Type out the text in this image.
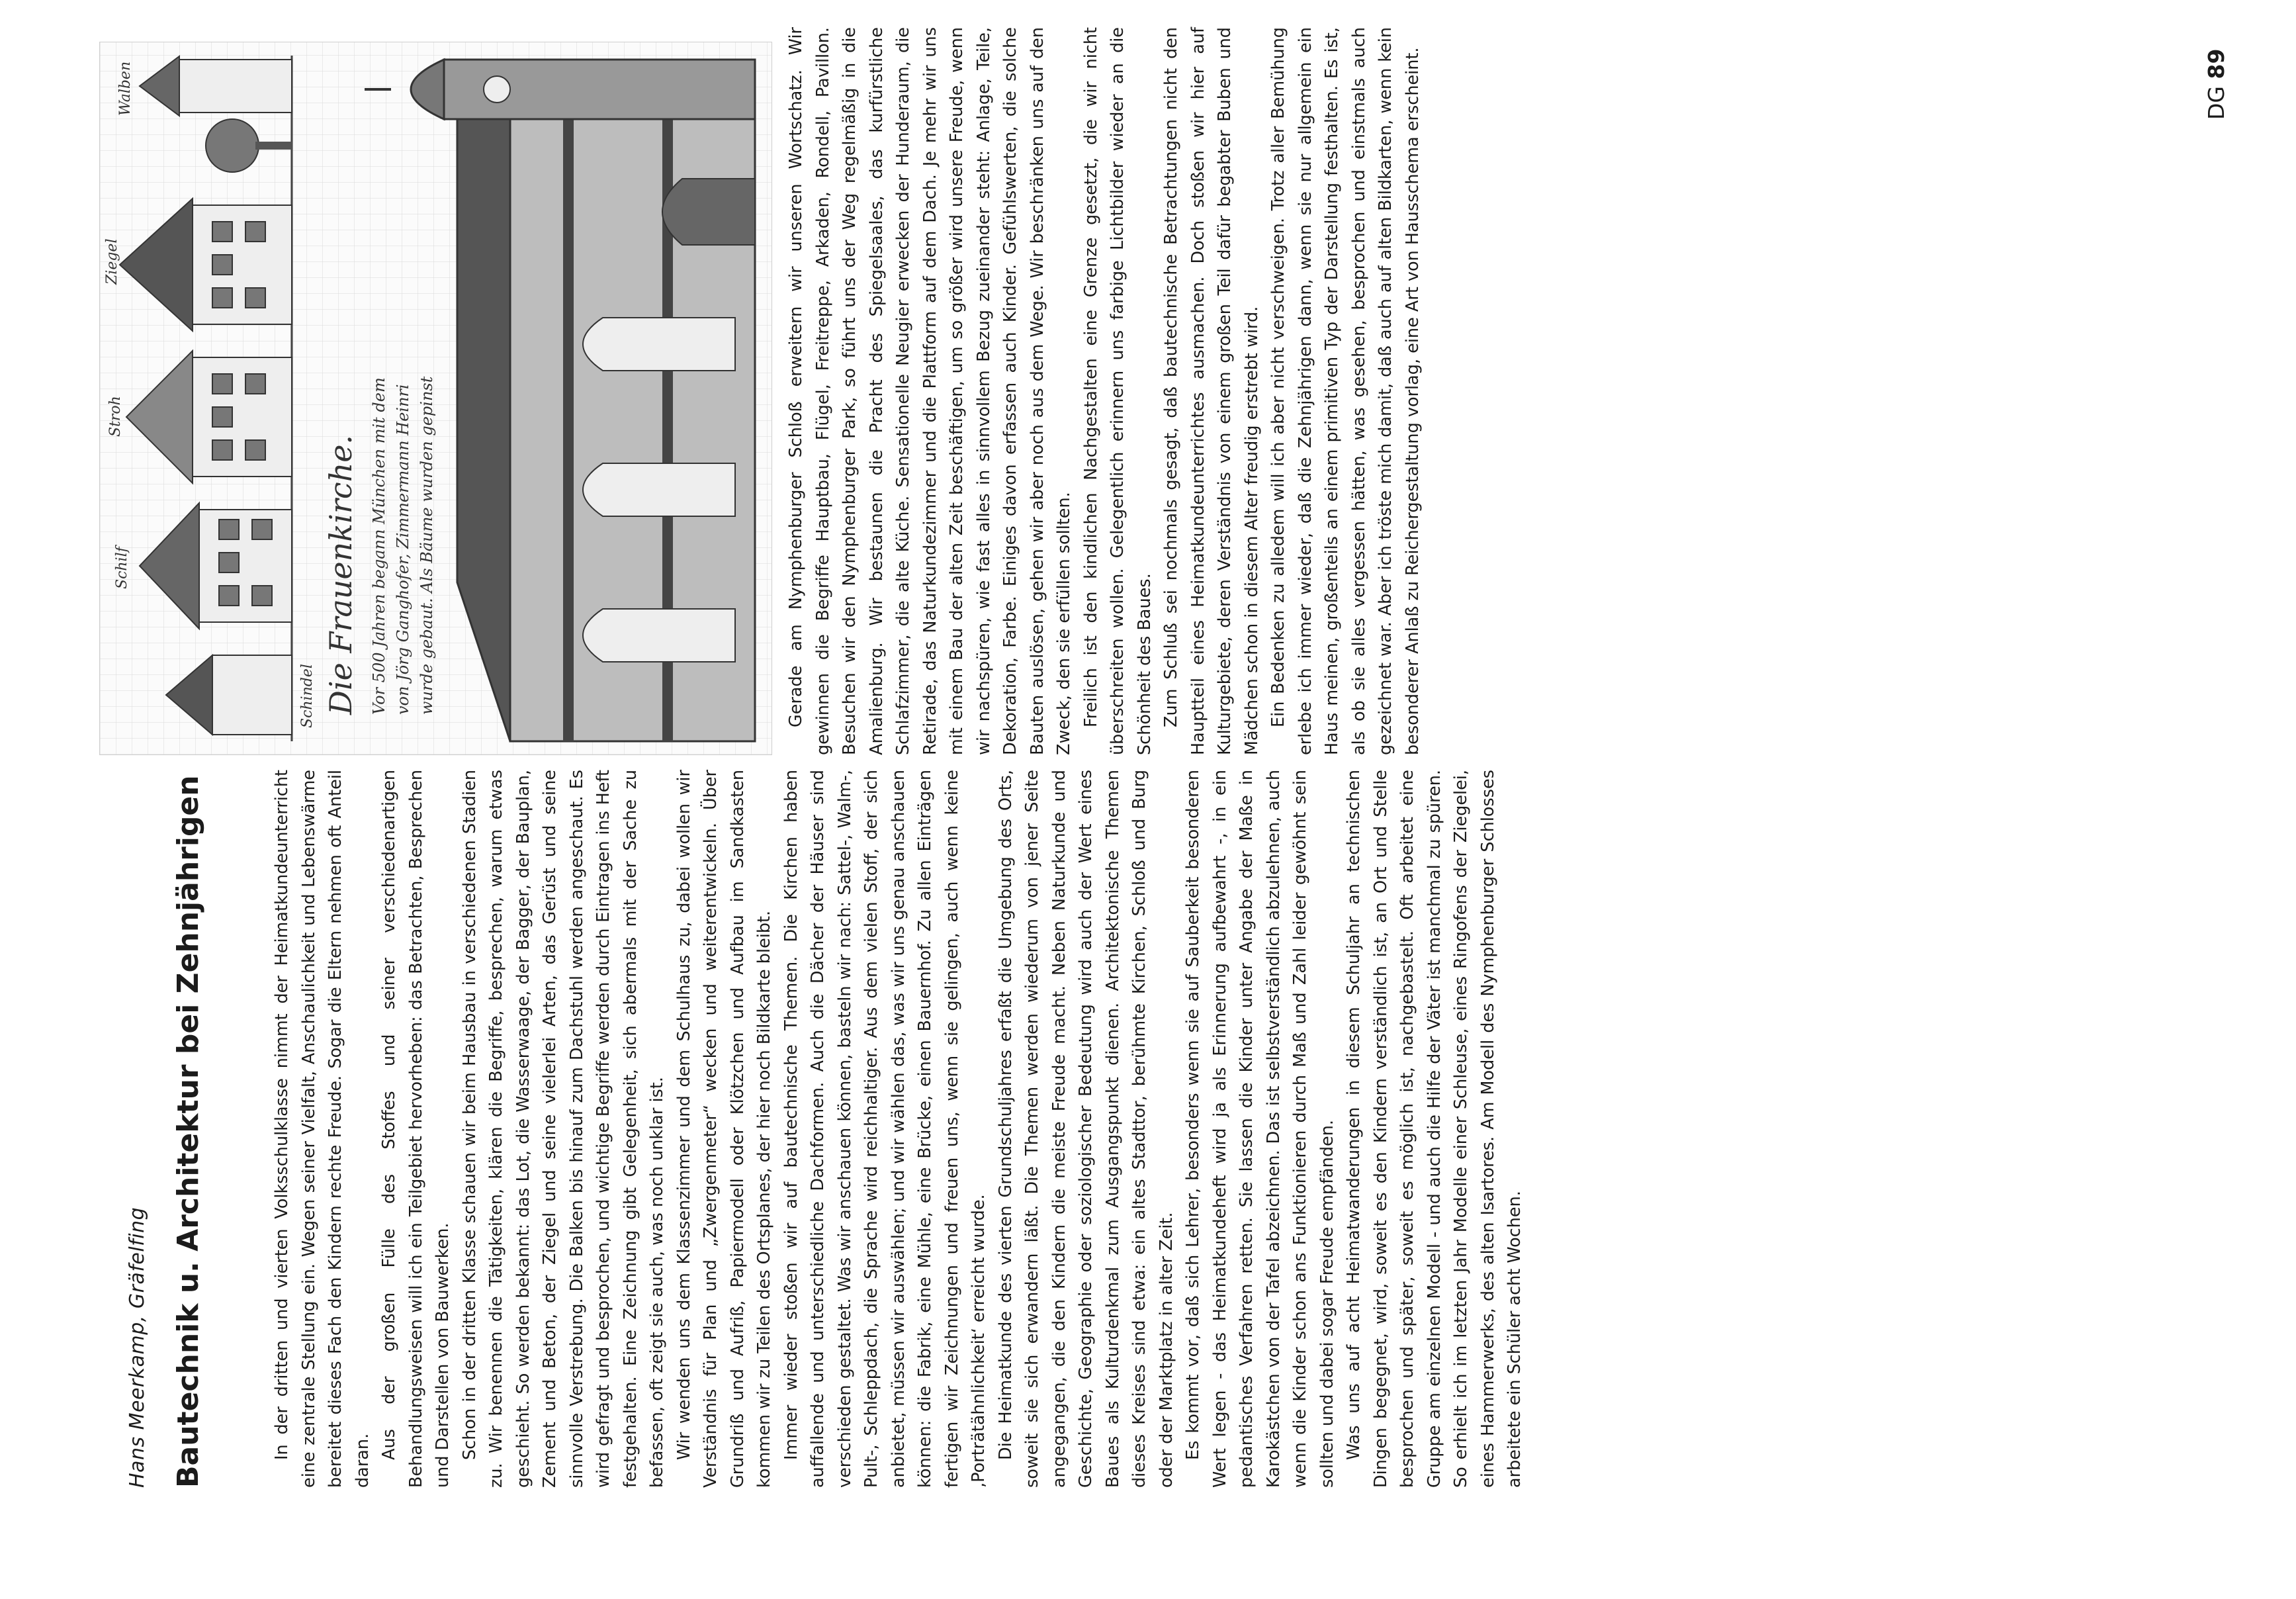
Hans Meerkamp, Gräfelfing Bautechnik u. Architektur bei Zehnjährigen	In der dritten und vierten Volksschulklasse nimmt der Heimatkundeunterricht eine zentrale Stellung ein. Wegen seiner Vielfalt, Anschaulichkeit und Lebenswärme bereitet dieses Fach den Kindern rechte Freude. Sogar die Eltern nehmen oft Anteil daran.

Aus der großen Fülle des Stoffes und seiner verschiedenartigen Behandlungsweisen will ich ein Teilgebiet hervorheben: das Betrachten, Besprechen und Darstellen von Bauwerken. Schon in der dritten Klasse schauen wir beim Hausbau in verschiedenen Stadien zu. Wir benennen die Tätigkeiten, klären die Begriffe, besprechen, warum etwas geschieht. So werden bekannt: das Lot, die Wasserwaage, der Bagger, der Bauplan, Zement und Beton, der Ziegel und seine vielerlei Arten, das Gerüst und seine sinnvolle Verstrebung. Die Balken bis hinauf zum Dachstuhl werden angeschaut. Es wird gefragt und besprochen, und wichtige Begriffe werden durch Eintragen ins Heft festgehalten. Eine Zeichnung gibt Gelegenheit, sich abermals mit der Sache zu befassen, oft zeigt sie auch, was noch unklar ist. Wir wenden uns dem Klassenzimmer und dem Schulhaus zu, dabei wollen wir Verständnis für Plan und „Zwergenmeter“ wecken und weiterentwickeln. Über Grundriß und Aufriß, Papiermodell oder Klötzchen und Aufbau im Sandkasten kommen wir zu Teilen des Ortsplanes, der hier noch Bildkarte bleibt. Immer wieder stoßen wir auf bautechnische Themen. Die Kirchen haben auffallende und unterschiedliche Dachformen. Auch die Dächer der Häuser sind verschieden gestaltet. Was wir anschauen können, basteln wir nach: Sattel-, Walm-, Pult-, Schleppdach, die Sprache wird reichhaltiger. Aus dem vielen Stoff, der sich anbietet, müssen wir auswählen; und wir wählen das, was wir uns genau anschauen können: die Fabrik, eine Mühle, eine Brücke, einen Bauernhof. Zu allen Einträgen fertigen wir Zeichnungen und freuen uns, wenn sie gelingen, auch wenn keine ‚Porträtähnlichkeit‘ erreicht wurde. Die Heimatkunde des vierten Grundschuljahres erfaßt die Umgebung des Orts, soweit sie sich erwandern läßt. Die Themen werden wiederum von jener Seite angegangen, die den Kindern die meiste Freude macht. Neben Naturkunde und Geschichte, Geographie oder soziologischer Bedeutung wird auch der Wert eines Baues als Kulturdenkmal zum Ausgangspunkt dienen. Architektonische Themen dieses Kreises sind etwa: ein altes Stadttor, berühmte Kirchen, Schloß und Burg oder der Marktplatz in alter Zeit. Es kommt vor, daß sich Lehrer, besonders wenn sie auf Sauberkeit besonderen Wert legen - das Heimatkundeheft wird ja als Erinnerung aufbewahrt -, in ein pedantisches Verfahren retten. Sie lassen die Kinder unter Angabe der Maße in Karokästchen von der Tafel abzeichnen. Das ist selbstverständlich abzulehnen, auch wenn die Kinder schon ans Funktionieren durch Maß und Zahl leider gewöhnt sein sollten und dabei sogar Freude empfänden. Was uns auf acht Heimatwanderungen in diesem Schuljahr an technischen Dingen begegnet, wird, soweit es den Kindern verständlich ist, an Ort und Stelle besprochen und später, soweit es möglich ist, nachgebastelt. Oft arbeitet eine Gruppe am einzelnen Modell - und auch die Hilfe der Väter ist manchmal zu spüren. So erhielt ich im letzten Jahr Modelle einer Schleuse, eines Ringofens der Ziegelei, eines Hammerwerks, des alten Isartores. Am Modell des Nymphenburger Schlosses arbeitete ein Schüler acht Wochen.

Schindel
Schilf
Stroh
Ziegel
Walben
Die Frauenkirche. Vor 500 Jahren begann München mit dem von Jörg Ganghofer, Zimmermann Heinri wurde gebaut. Als Bäume wurden gepinst	Gerade am Nymphenburger Schloß erweitern wir unseren Wortschatz. Wir gewinnen die Begriffe Hauptbau, Flügel, Freitreppe, Arkaden, Rondell, Pavillon. Besuchen wir den Nymphenburger Park, so führt uns der Weg regelmäßig in die Amalienburg. Wir bestaunen die Pracht des Spiegelsaales, das kurfürstliche Schlafzimmer, die alte Küche. Sensationelle Neugier erwecken der Hunderaum, die Retirade, das Naturkundezimmer und die Plattform auf dem Dach. Je mehr wir uns mit einem Bau der alten Zeit beschäftigen, um so größer wird unsere Freude, wenn wir nachspüren, wie fast alles in sinnvollem Bezug zueinander steht: Anlage, Teile, Dekoration, Farbe. Einiges davon erfassen auch Kinder. Gefühlswerten, die solche Bauten auslösen, gehen wir aber noch aus dem Wege. Wir beschränken uns auf den Zweck, den sie erfüllen sollten. Freilich ist den kindlichen Nachgestalten eine Grenze gesetzt, die wir nicht überschreiten wollen. Gelegentlich erinnern uns farbige Lichtbilder wieder an die Schönheit des Baues. Zum Schluß sei nochmals gesagt, daß bautechnische Betrachtungen nicht den Hauptteil eines Heimatkundeunterrichtes ausmachen. Doch stoßen wir hier auf Kulturgebiete, deren Verständnis von einem großen Teil dafür begabter Buben und Mädchen schon in diesem Alter freudig erstrebt wird. Ein Bedenken zu alledem will ich aber nicht verschweigen. Trotz aller Bemühung erlebe ich immer wieder, daß die Zehnjährigen dann, wenn sie nur allgemein ein Haus meinen, großenteils an einem primitiven Typ der Darstellung festhalten. Es ist, als ob sie alles vergessen hätten, was gesehen, besprochen und einstmals auch gezeichnet war. Aber ich tröste mich damit, daß auch auf alten Bildkarten, wenn kein besonderer Anlaß zu Reichergestaltung vorlag, eine Art von Hausschema erscheint.	DG 89
